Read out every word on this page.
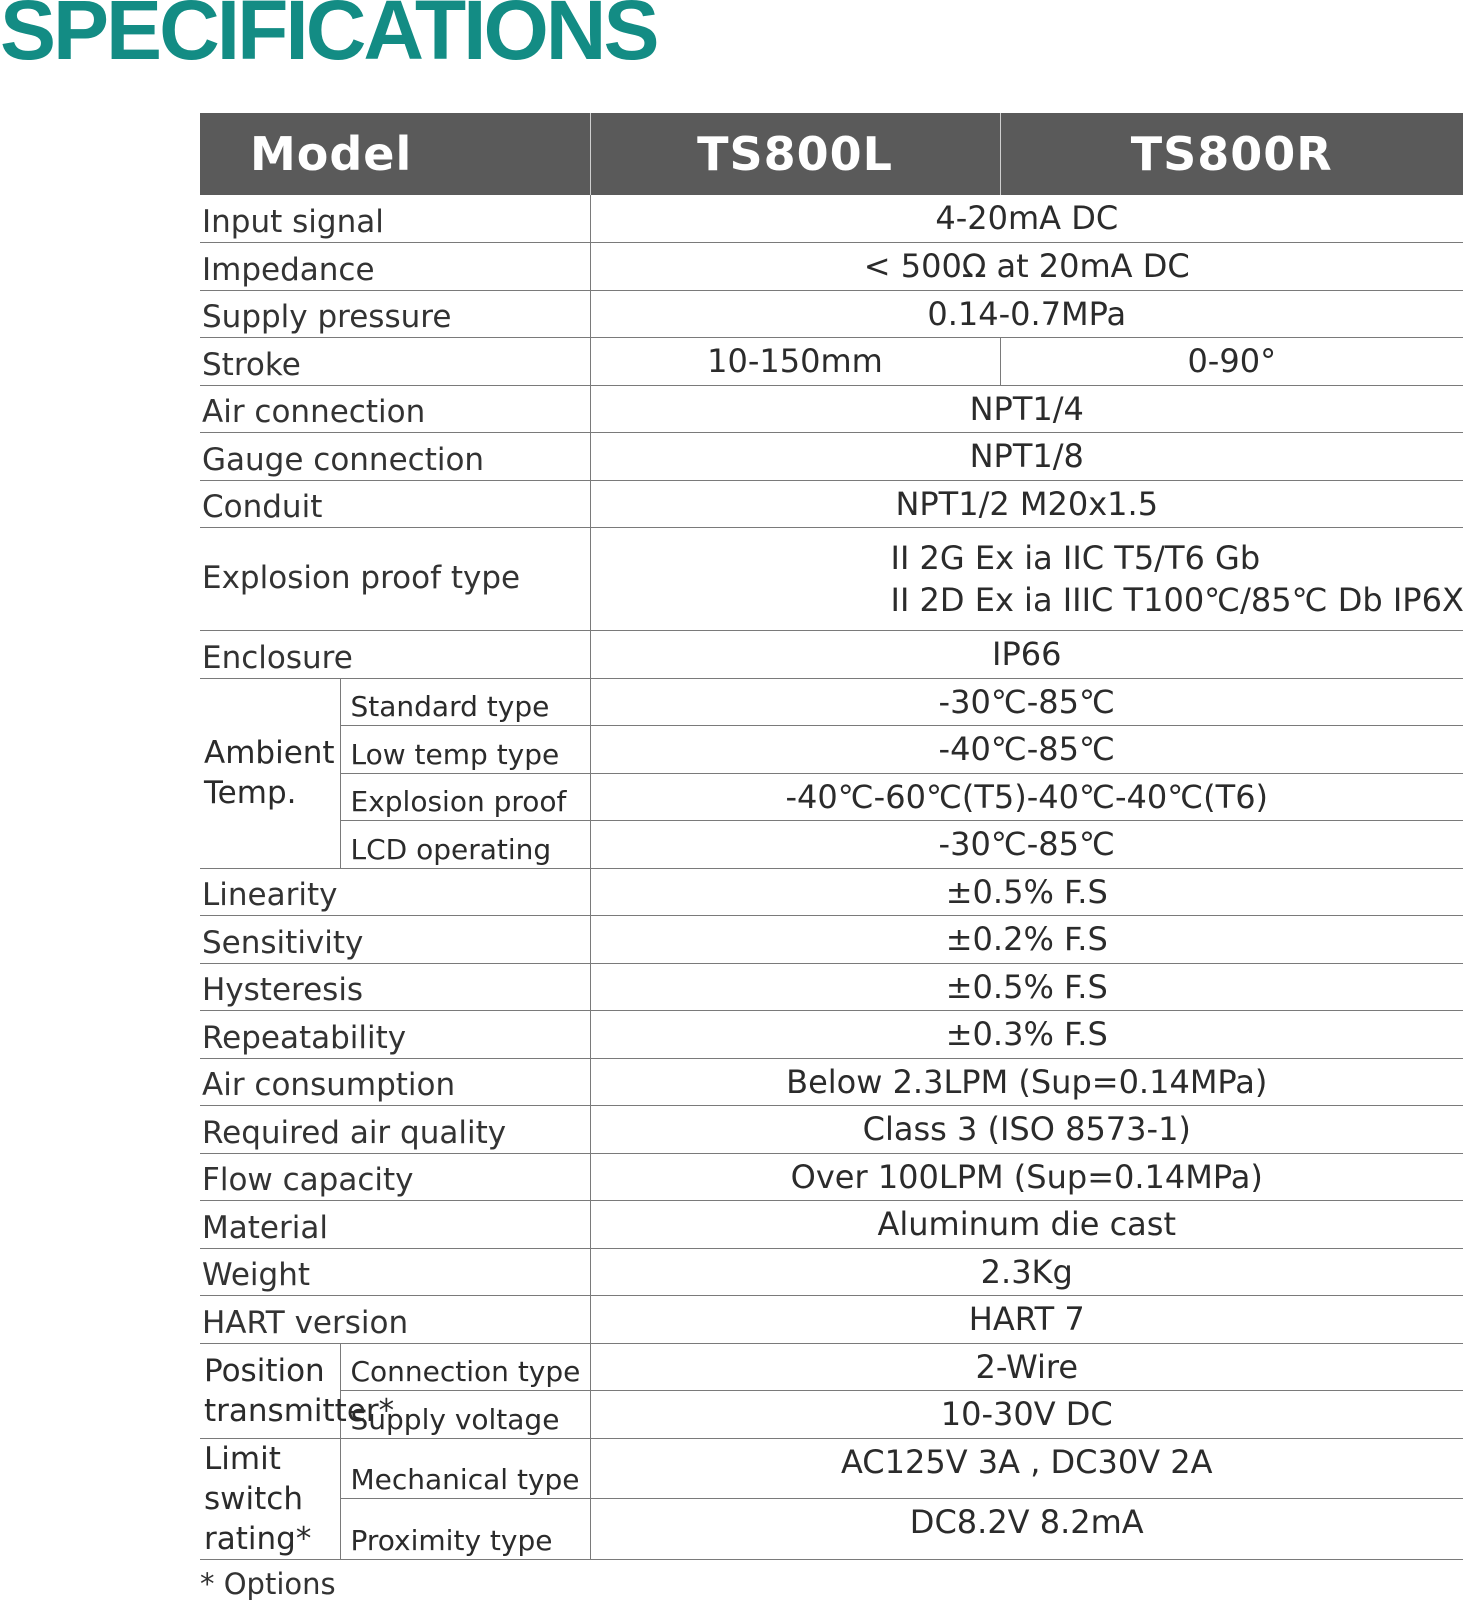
SPECIFICATIONS
Model		TS800L	TS800R
Input signal		4-20mA DC	
Impedance		< 500Ω at 20mA DC	
Supply pressure		0.14-0.7MPa	
Stroke		10-150mm	0-90°
Air connection		NPT1/4	
Gauge connection		NPT1/8	
Conduit		NPT1/2 M20x1.5	
Explosion proof type		II 2G Ex ia IIC T5/T6 Gb
II 2D Ex ia IIIC T100℃/85℃ Db IP6X	

Enclosure		IP66	
Ambient
Temp.	Standard type	-30℃-85℃	
	Low temp type	-40℃-85℃	
	Explosion proof	-40℃-60℃(T5)-40℃-40℃(T6)	
	LCD operating	-30℃-85℃	
Linearity		±0.5% F.S	
Sensitivity		±0.2% F.S	
Hysteresis		±0.5% F.S	
Repeatability		±0.3% F.S	
Air consumption		Below 2.3LPM (Sup=0.14MPa)	
Required air quality		Class 3 (ISO 8573-1)	
Flow capacity		Over 100LPM (Sup=0.14MPa)	
Material		Aluminum die cast	
Weight		2.3Kg	
HART version		HART 7	
Position
transmitter*	Connection type	2-Wire	
	Supply voltage	10-30V DC	
Limit switch
rating*	Mechanical type	AC125V 3A , DC30V 2A	
	Proximity type	DC8.2V 8.2mA	
* Options
